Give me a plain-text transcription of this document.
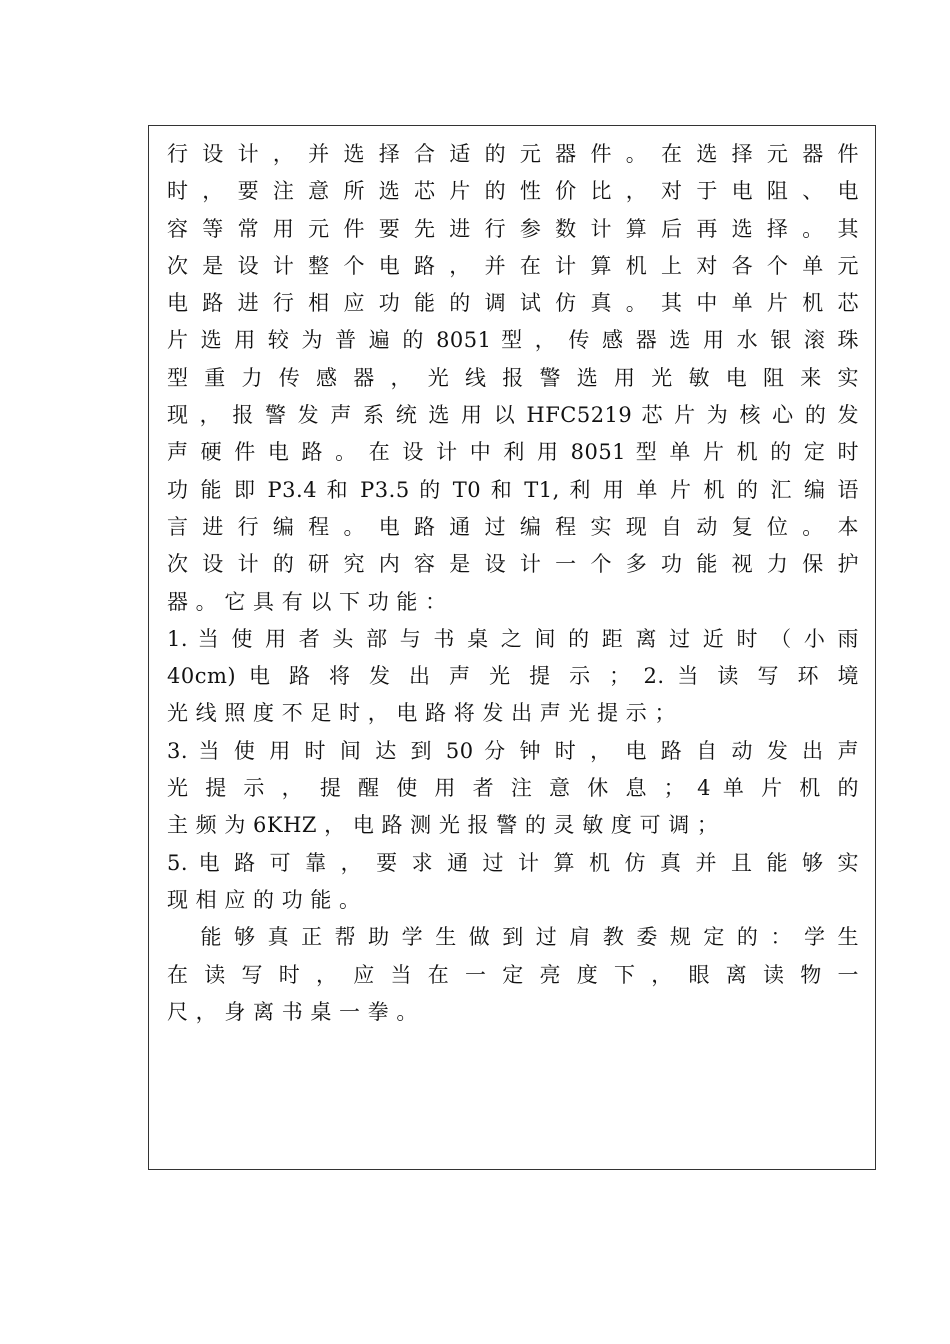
行 设 计 ， 并 选 择 合 适 的 元 器 件 。 在 选 择 元 器 件
时 ， 要 注 意 所 选 芯 片 的 性 价 比 ， 对 于 电 阻 、 电
容 等 常 用 元 件 要 先 进 行 参 数 计 算 后 再 选 择 。 其
次 是 设 计 整 个 电 路 ， 并 在 计 算 机 上 对 各 个 单 元
电 路 进 行 相 应 功 能 的 调 试 仿 真 。 其 中 单 片 机 芯
片 选 用 较 为 普 遍 的 8051 型 ， 传 感 器 选 用 水 银 滚 珠
型 重 力 传 感 器 ， 光 线 报 警 选 用 光 敏 电 阻 来 实
现 ， 报 警 发 声 系 统 选 用 以 HFC5219 芯 片 为 核 心 的 发
声 硬 件 电 路 。 在 设 计 中 利 用 8051 型 单 片 机 的 定 时
功 能 即 P3.4 和 P3.5 的 T0 和 T1, 利 用 单 片 机 的 汇 编 语
言 进 行 编 程 。 电 路 通 过 编 程 实 现 自 动 复 位 。 本
次 设 计 的 研 究 内 容 是 设 计 一 个 多 功 能 视 力 保 护
器 。 它 具 有 以 下 功 能 ：
1. 当 使 用 者 头 部 与 书 桌 之 间 的 距 离 过 近 时 （ 小 雨
40cm) 电 路 将 发 出 声 光 提 示 ； 2. 当 读 写 环 境
光 线 照 度 不 足 时 ， 电 路 将 发 出 声 光 提 示 ；
3. 当 使 用 时 间 达 到 50 分 钟 时 ， 电 路 自 动 发 出 声
光 提 示 ， 提 醒 使 用 者 注 意 休 息 ； 4 单 片 机 的
主 频 为 6KHZ ， 电 路 测 光 报 警 的 灵 敏 度 可 调 ；
5. 电 路 可 靠 ， 要 求 通 过 计 算 机 仿 真 并 且 能 够 实
现 相 应 的 功 能 。
　 能 够 真 正 帮 助 学 生 做 到 过 肩 教 委 规 定 的 ： 学 生
在 读 写 时 ， 应 当 在 一 定 亮 度 下 ， 眼 离 读 物 一
尺 ， 身 离 书 桌 一 拳 。
